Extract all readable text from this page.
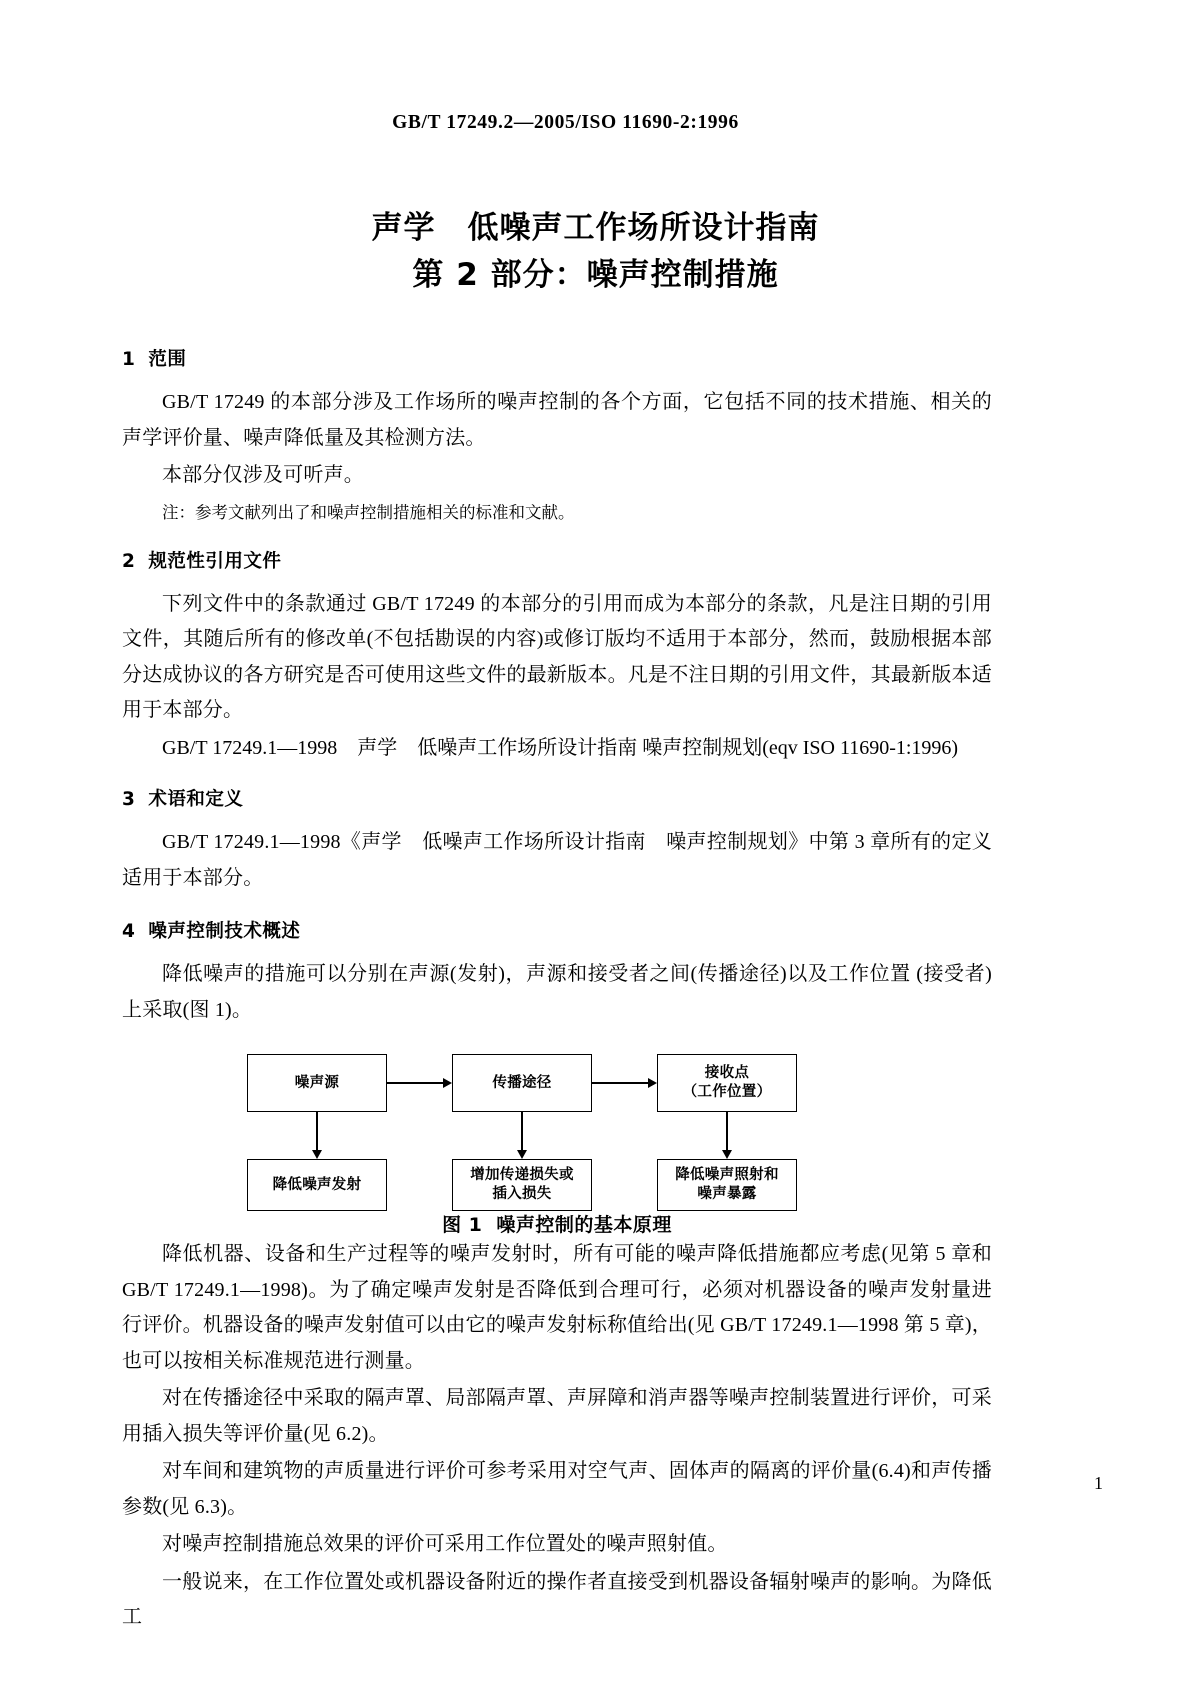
GB/T 17249.2—2005/ISO 11690-2:1996
声学　低噪声工作场所设计指南
第 2 部分：噪声控制措施
1 范围

GB/T 17249 的本部分涉及工作场所的噪声控制的各个方面，它包括不同的技术措施、相关的声学评价量、噪声降低量及其检测方法。

本部分仅涉及可听声。

注：参考文献列出了和噪声控制措施相关的标准和文献。

2 规范性引用文件

下列文件中的条款通过 GB/T 17249 的本部分的引用而成为本部分的条款，凡是注日期的引用文件，其随后所有的修改单(不包括勘误的内容)或修订版均不适用于本部分，然而，鼓励根据本部分达成协议的各方研究是否可使用这些文件的最新版本。凡是不注日期的引用文件，其最新版本适用于本部分。

GB/T 17249.1—1998　声学　低噪声工作场所设计指南 噪声控制规划(eqv ISO 11690-1:1996)

3 术语和定义

GB/T 17249.1—1998《声学　低噪声工作场所设计指南　噪声控制规划》中第 3 章所有的定义适用于本部分。

4 噪声控制技术概述

降低噪声的措施可以分别在声源(发射)，声源和接受者之间(传播途径)以及工作位置 (接受者)上采取(图 1)。

噪声源	传播途径
接收点
（工作位置）
降低噪声发射
增加传递损失或
插入损失
降低噪声照射和
噪声暴露
图 1 噪声控制的基本原理

降低机器、设备和生产过程等的噪声发射时，所有可能的噪声降低措施都应考虑(见第 5 章和 GB/T 17249.1—1998)。为了确定噪声发射是否降低到合理可行，必须对机器设备的噪声发射量进行评价。机器设备的噪声发射值可以由它的噪声发射标称值给出(见 GB/T 17249.1—1998 第 5 章)，也可以按相关标准规范进行测量。

对在传播途径中采取的隔声罩、局部隔声罩、声屏障和消声器等噪声控制装置进行评价，可采用插入损失等评价量(见 6.2)。

对车间和建筑物的声质量进行评价可参考采用对空气声、固体声的隔离的评价量(6.4)和声传播参数(见 6.3)。

对噪声控制措施总效果的评价可采用工作位置处的噪声照射值。

一般说来，在工作位置处或机器设备附近的操作者直接受到机器设备辐射噪声的影响。为降低工

1
